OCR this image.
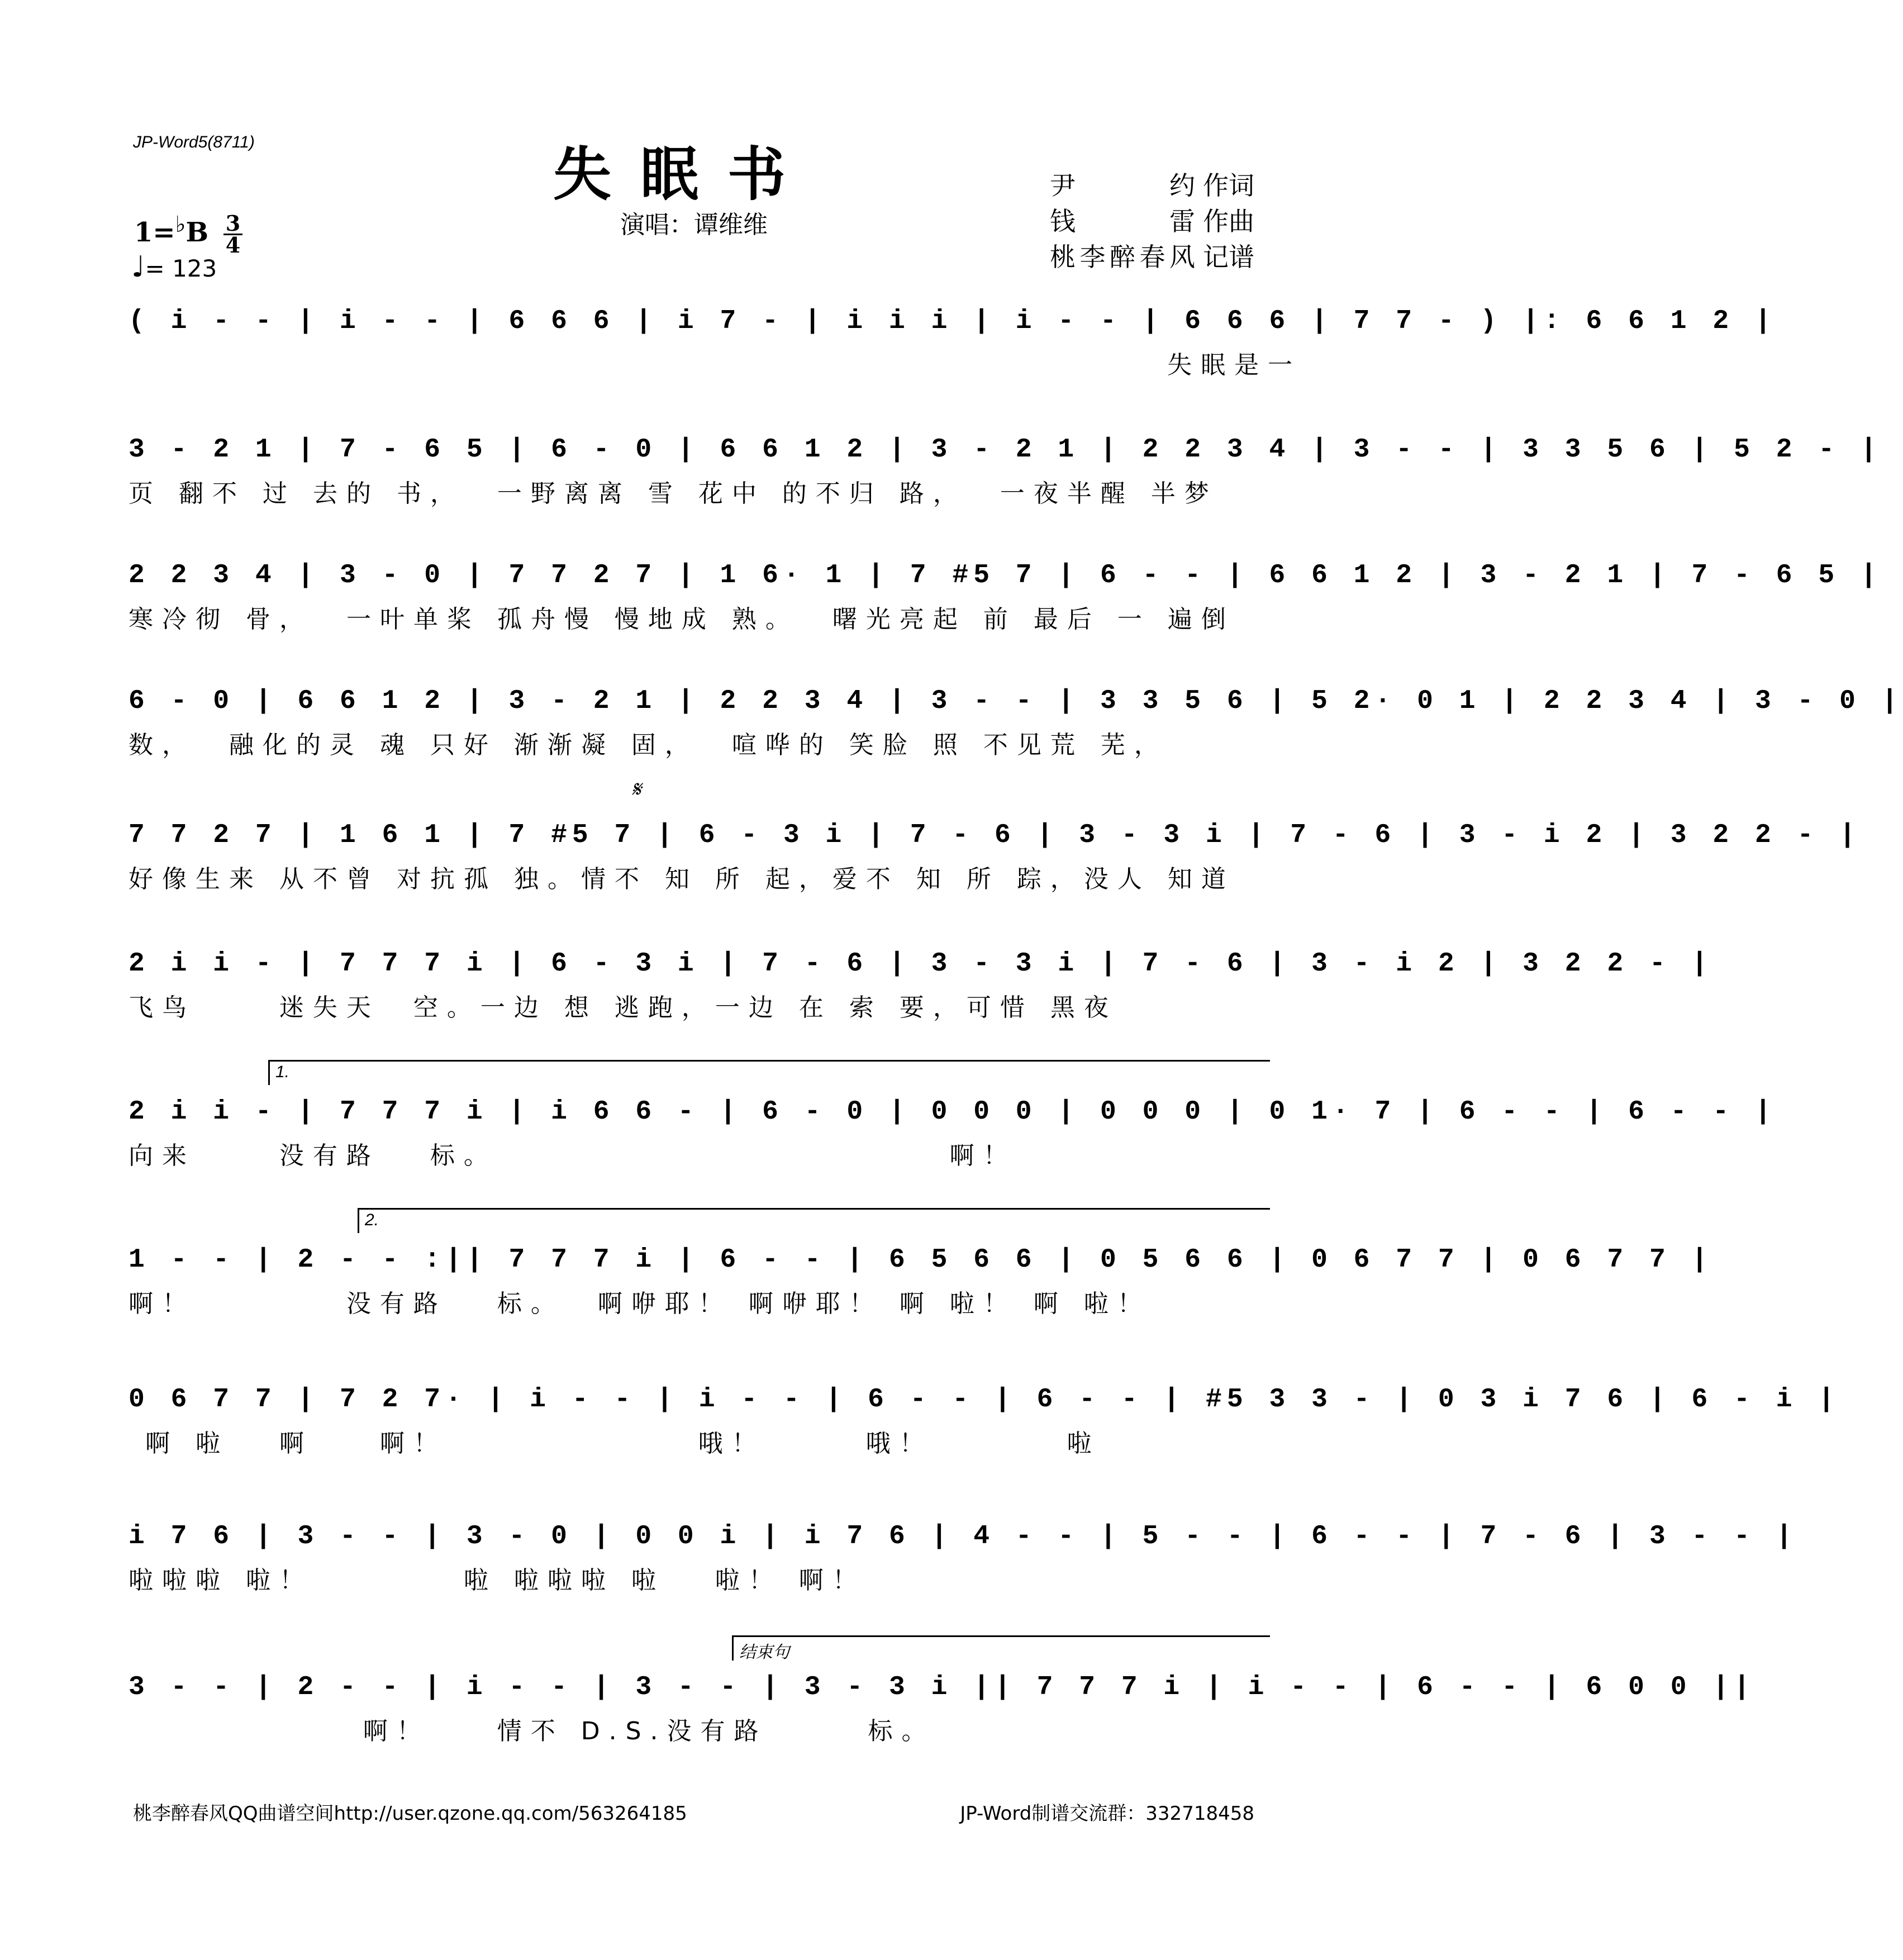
JP-Word5(8711)	失眠书
演唱：谭维维
尹约 作词
钱雷 作曲
桃李醉春风 记谱
$1=^♭B \frac{3}{4}$
♩= 123
( i - - | i - - | 6 6 6 | i 7 - | i i i | i - - | 6 6 6 | 7 7 - ) |: 6 6 1 2 |
失眠是一
3 - 2 1 | 7 - 6 5 | 6 - 0 | 6 6 1 2 | 3 - 2 1 | 2 2 3 4 | 3 - - | 3 3 5 6 | 5 2 - |
页 翻不 过 去的 书，  一野离离 雪 花中 的不归 路，  一夜半醒 半梦
2 2 3 4 | 3 - 0 | 7 7 2 7 | 1 6· 1 | 7 #5 7 | 6 - - | 6 6 1 2 | 3 - 2 1 | 7 - 6 5 |
寒冷彻 骨，  一叶单桨 孤舟慢 慢地成 熟。  曙光亮起 前 最后 一 遍倒
6 - 0 | 6 6 1 2 | 3 - 2 1 | 2 2 3 4 | 3 - - | 3 3 5 6 | 5 2· 0 1 | 2 2 3 4 | 3 - 0 |
数，  融化的灵 魂 只好 渐渐凝 固，  喧哗的 笑脸 照 不见荒 芜，
𝄋
7 7 2 7 | 1 6 1 | 7 #5 7 | 6 - 3 i | 7 - 6 | 3 - 3 i | 7 - 6 | 3 - i 2 | 3 2 2 - |
好像生来 从不曾 对抗孤 独。情不 知 所 起，爱不 知 所 踪，没人 知道
2 i i - | 7 7 7 i | 6 - 3 i | 7 - 6 | 3 - 3 i | 7 - 6 | 3 - i 2 | 3 2 2 - |
飞鸟     迷失天  空。一边 想 逃跑，一边 在 索 要，可惜 黑夜
1.
2 i i - | 7 7 7 i | i 6 6 - | 6 - 0 | 0 0 0 | 0 0 0 | 0 1· 7 | 6 - - | 6 - - |
向来     没有路   标。                           啊！
2.
1 - - | 2 - - :|| 7 7 7 i | 6 - - | 6 5 6 6 | 0 5 6 6 | 0 6 7 7 | 0 6 7 7 |
啊！         没有路   标。  啊咿耶！ 啊咿耶！ 啊 啦！ 啊 啦！
0 6 7 7 | 7 2 7· | i - - | i - - | 6 - - | 6 - - | #5 3 3 - | 0 3 i 7 6 | 6 - i |
啊 啦   啊    啊！               哦！      哦！        啦
i 7 6 | 3 - - | 3 - 0 | 0 0 i | i 7 6 | 4 - - | 5 - - | 6 - - | 7 - 6 | 3 - - |
啦啦啦 啦！         啦 啦啦啦 啦   啦！ 啊！
结束句
3 - - | 2 - - | i - - | 3 - - | 3 - 3 i || 7 7 7 i | i - - | 6 - - | 6 0 0 ||
啊！    情不 D.S.没有路      标。
桃李醉春风QQ曲谱空间http://user.qzone.qq.com/563264185	JP-Word制谱交流群：332718458
